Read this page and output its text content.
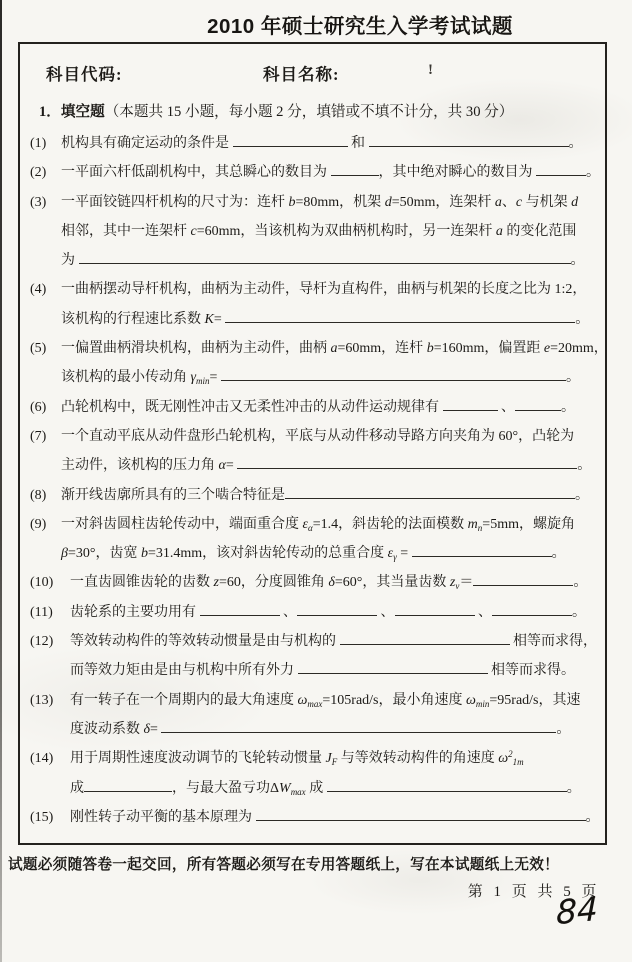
2010 年硕士研究生入学考试试题
科目代码:	科目名称:	!
1．填空题（本题共 15 小题，每小题 2 分，填错或不填不计分，共 30 分）
(1) 机构具有确定运动的条件是	和	。
(2) 一平面六杆低副机构中，其总瞬心的数目为	，其中绝对瞬心的数目为	。
(3) 一平面铰链四杆机构的尺寸为：连杆 b=80mm，机架 d=50mm，连架杆 a、c 与机架 d
相邻，其中一连架杆 c=60mm，当该机构为双曲柄机构时，另一连架杆 a 的变化范围
为	。
(4) 一曲柄摆动导杆机构，曲柄为主动件，导杆为直构件，曲柄与机架的长度之比为 1:2，
该机构的行程速比系数 K=	。
(5) 一偏置曲柄滑块机构，曲柄为主动件，曲柄 a=60mm，连杆 b=160mm，偏置距 e=20mm，
该机构的最小传动角 $\gamma_{min}=$	。
(6) 凸轮机构中，既无刚性冲击又无柔性冲击的从动件运动规律有	、	。
(7) 一个直动平底从动件盘形凸轮机构，平底与从动件移动导路方向夹角为 60°，凸轮为
主动件，该机构的压力角 α=	。
(8) 渐开线齿廓所具有的三个啮合特征是	。
(9) 一对斜齿圆柱齿轮传动中，端面重合度 $\varepsilon_\alpha=1.4$，斜齿轮的法面模数 $m_n=5mm$，螺旋角
β=30°，齿宽 b=31.4mm，该对斜齿轮传动的总重合度 $\varepsilon_\gamma$ =	。
(10) 一直齿圆锥齿轮的齿数 z=60，分度圆锥角 δ=60°，其当量齿数 $z_v=$	。
(11) 齿轮系的主要功用有	、	、	、	。
(12) 等效转动构件的等效转动惯量是由与机构的	相等而求得，
而等效力矩由是由与机构中所有外力	相等而求得。
(13) 有一转子在一个周期内的最大角速度 $\omega_{max}=105rad/s$，最小角速度 $\omega_{min}=95rad/s$，其速
度波动系数 δ=	。
(14) 用于周期性速度波动调节的飞轮转动惯量 $J_F$ 与等效转动构件的角速度 $\omega^2_{1m}$
成	，与最大盈亏功$\Delta W_{max}$ 成	。
(15) 刚性转子动平衡的基本原理为	。
试题必须随答卷一起交回，所有答题必须写在专用答题纸上，写在本试题纸上无效！
第 1 页 共 5 页
84
